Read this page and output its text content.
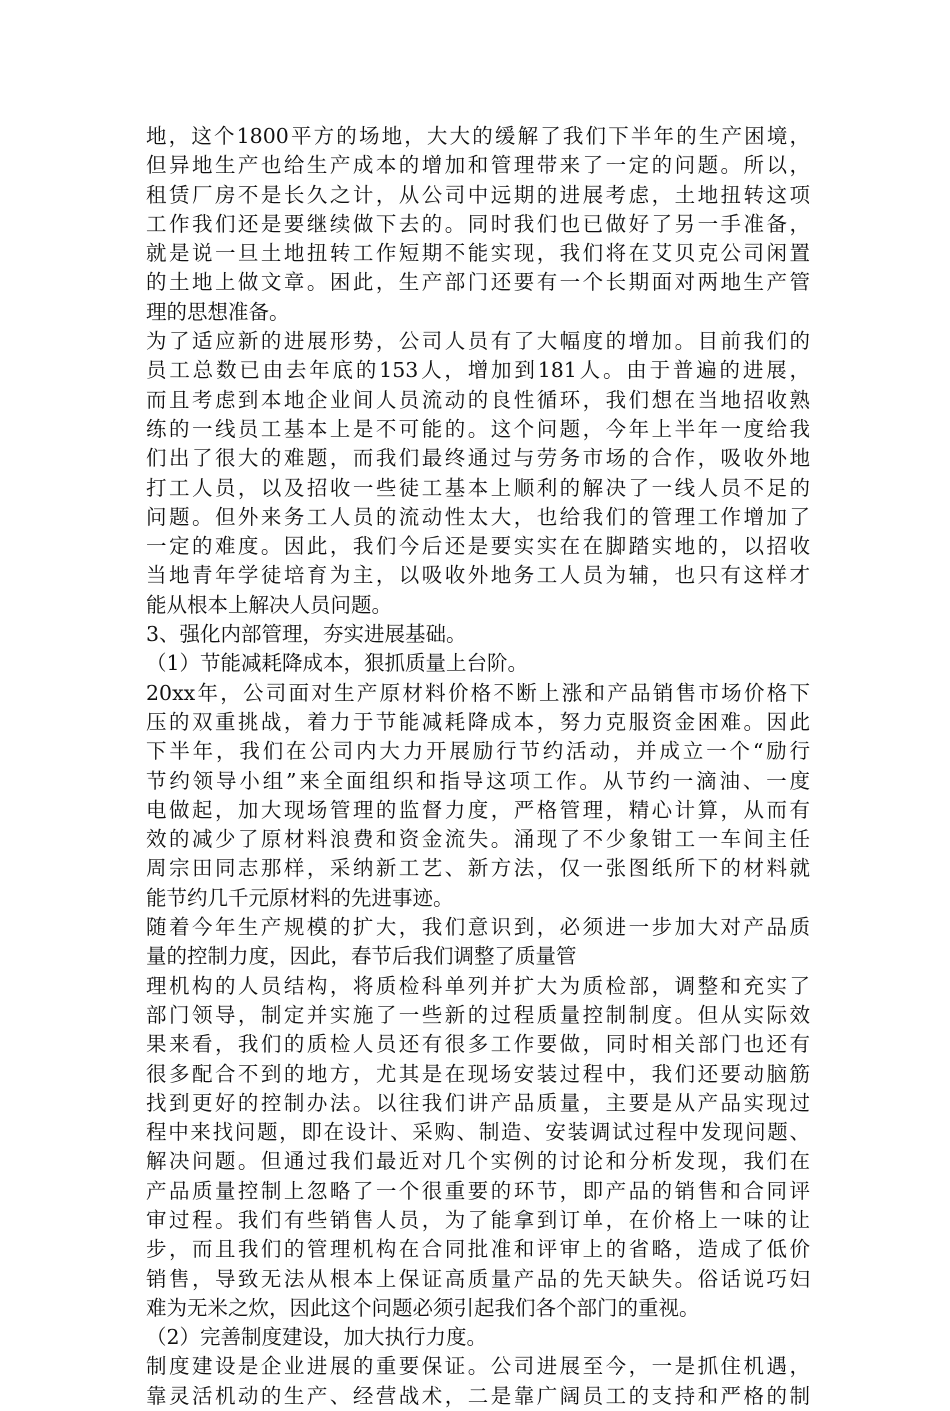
地，这个1800平方的场地，大大的缓解了我们下半年的生产困境，
但异地生产也给生产成本的增加和管理带来了一定的问题。所以，
租赁厂房不是长久之计，从公司中远期的进展考虑，土地扭转这项
工作我们还是要继续做下去的。同时我们也已做好了另一手准备，
就是说一旦土地扭转工作短期不能实现，我们将在艾贝克公司闲置
的土地上做文章。困此，生产部门还要有一个长期面对两地生产管
理的思想准备。
为了适应新的进展形势，公司人员有了大幅度的增加。目前我们的
员工总数已由去年底的153人，增加到181人。由于普遍的进展，
而且考虑到本地企业间人员流动的良性循环，我们想在当地招收熟
练的一线员工基本上是不可能的。这个问题，今年上半年一度给我
们出了很大的难题，而我们最终通过与劳务市场的合作，吸收外地
打工人员，以及招收一些徒工基本上顺利的解决了一线人员不足的
问题。但外来务工人员的流动性太大，也给我们的管理工作增加了
一定的难度。因此，我们今后还是要实实在在脚踏实地的，以招收
当地青年学徒培育为主，以吸收外地务工人员为辅，也只有这样才
能从根本上解决人员问题。
3、强化内部管理，夯实进展基础。
（1）节能减耗降成本，狠抓质量上台阶。
20xx年，公司面对生产原材料价格不断上涨和产品销售市场价格下
压的双重挑战，着力于节能减耗降成本，努力克服资金困难。因此
下半年，我们在公司内大力开展励行节约活动，并成立一个“励行
节约领导小组”来全面组织和指导这项工作。从节约一滴油、一度
电做起，加大现场管理的监督力度，严格管理，精心计算，从而有
效的减少了原材料浪费和资金流失。涌现了不少象钳工一车间主任
周宗田同志那样，采纳新工艺、新方法，仅一张图纸所下的材料就
能节约几千元原材料的先进事迹。
随着今年生产规模的扩大，我们意识到，必须进一步加大对产品质
量的控制力度，因此，春节后我们调整了质量管
理机构的人员结构，将质检科单列并扩大为质检部，调整和充实了
部门领导，制定并实施了一些新的过程质量控制制度。但从实际效
果来看，我们的质检人员还有很多工作要做，同时相关部门也还有
很多配合不到的地方，尤其是在现场安装过程中，我们还要动脑筋
找到更好的控制办法。以往我们讲产品质量，主要是从产品实现过
程中来找问题，即在设计、采购、制造、安装调试过程中发现问题、
解决问题。但通过我们最近对几个实例的讨论和分析发现，我们在
产品质量控制上忽略了一个很重要的环节，即产品的销售和合同评
审过程。我们有些销售人员，为了能拿到订单，在价格上一味的让
步，而且我们的管理机构在合同批准和评审上的省略，造成了低价
销售，导致无法从根本上保证高质量产品的先天缺失。俗话说巧妇
难为无米之炊，因此这个问题必须引起我们各个部门的重视。
（2）完善制度建设，加大执行力度。
制度建设是企业进展的重要保证。公司进展至今，一是抓住机遇，
靠灵活机动的生产、经营战术，二是靠广阔员工的支持和严格的制
